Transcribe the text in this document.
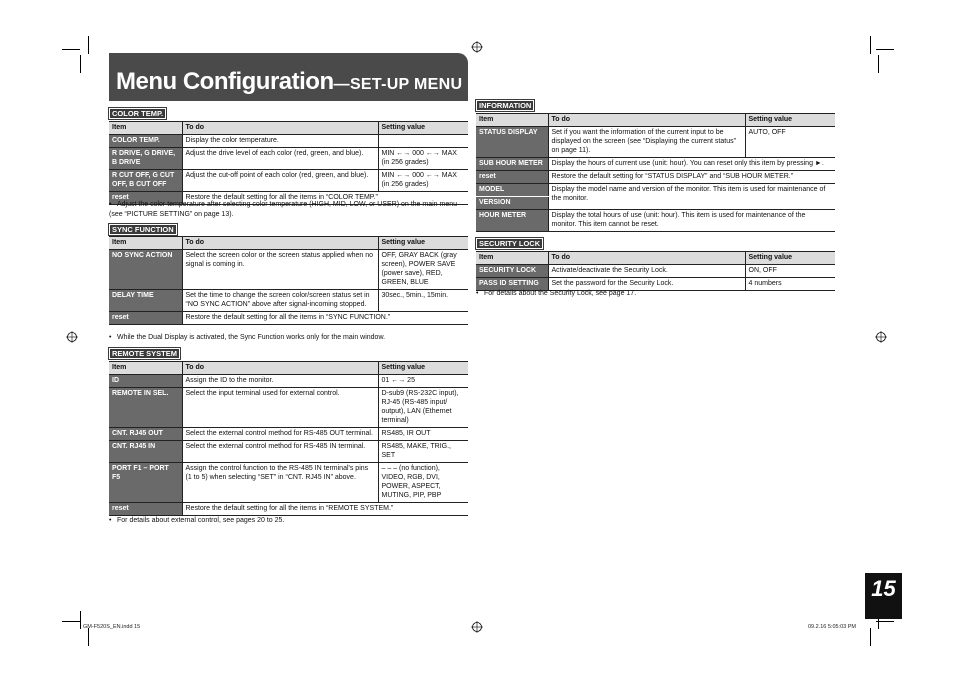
Menu Configuration—SET-UP MENU
COLOR TEMP.
Item	To do	Setting value
COLOR TEMP.	Display the color temperature.	
R DRIVE, G DRIVE, B DRIVE	Adjust the drive level of each color (red, green, and blue).	MIN ←→ 000 ←→ MAX (in 256 grades)
R CUT OFF, G CUT OFF, B CUT OFF	Adjust the cut-off point of each color (red, green, and blue).	MIN ←→ 000 ←→ MAX (in 256 grades)
reset	Restore the default setting for all the items in “COLOR TEMP.”	
• Adjust the color temperature after selecting color temperature (HIGH, MID, LOW, or USER) on the main menu (see “PICTURE SETTING” on page 13).
SYNC FUNCTION
Item	To do	Setting value
NO SYNC ACTION	Select the screen color or the screen status applied when no signal is coming in.	OFF, GRAY BACK (gray screen), POWER SAVE (power save), RED, GREEN, BLUE
DELAY TIME	Set the time to change the screen color/screen status set in “NO SYNC ACTION” above after signal-incoming stopped.	30sec., 5min., 15min.
reset	Restore the default setting for all the items in “SYNC FUNCTION.”	
• While the Dual Display is activated, the Sync Function works only for the main window.
REMOTE SYSTEM
Item	To do	Setting value
ID	Assign the ID to the monitor.	01 ←→ 25
REMOTE IN SEL.	Select the input terminal used for external control.	D-sub9 (RS-232C input), RJ-45 (RS-485 input/ output), LAN (Ethernet terminal)
CNT. RJ45 OUT	Select the external control method for RS-485 OUT terminal.	RS485, IR OUT
CNT. RJ45 IN	Select the external control method for RS-485 IN terminal.	RS485, MAKE, TRIG., SET
PORT F1 – PORT F5	Assign the control function to the RS-485 IN terminal's pins (1 to 5) when selecting “SET” in “CNT. RJ45 IN” above.	– – – (no function), VIDEO, RGB, DVI, POWER, ASPECT, MUTING, PIP, PBP
reset	Restore the default setting for all the items in “REMOTE SYSTEM.”	
• For details about external control, see pages 20 to 25.
INFORMATION
Item	To do	Setting value
STATUS DISPLAY	Set if you want the information of the current input to be displayed on the screen (see “Displaying the current status” on page 11).	AUTO, OFF
SUB HOUR METER	Display the hours of current use (unit: hour). You can reset only this item by pressing ►.	
reset	Restore the default setting for “STATUS DISPLAY” and “SUB HOUR METER.”	
MODEL	Display the model name and version of the monitor. This item is used for maintenance of the monitor.	
VERSION		
HOUR METER	Display the total hours of use (unit: hour). This item is used for maintenance of the monitor. This item cannot be reset.	
SECURITY LOCK
Item	To do	Setting value
SECURITY LOCK	Activate/deactivate the Security Lock.	ON, OFF
PASS ID SETTING	Set the password for the Security Lock.	4 numbers
• For details about the Security Lock, see page 17.
15
GM-F520S_EN.indd 15	09.2.16 5:05:03 PM
